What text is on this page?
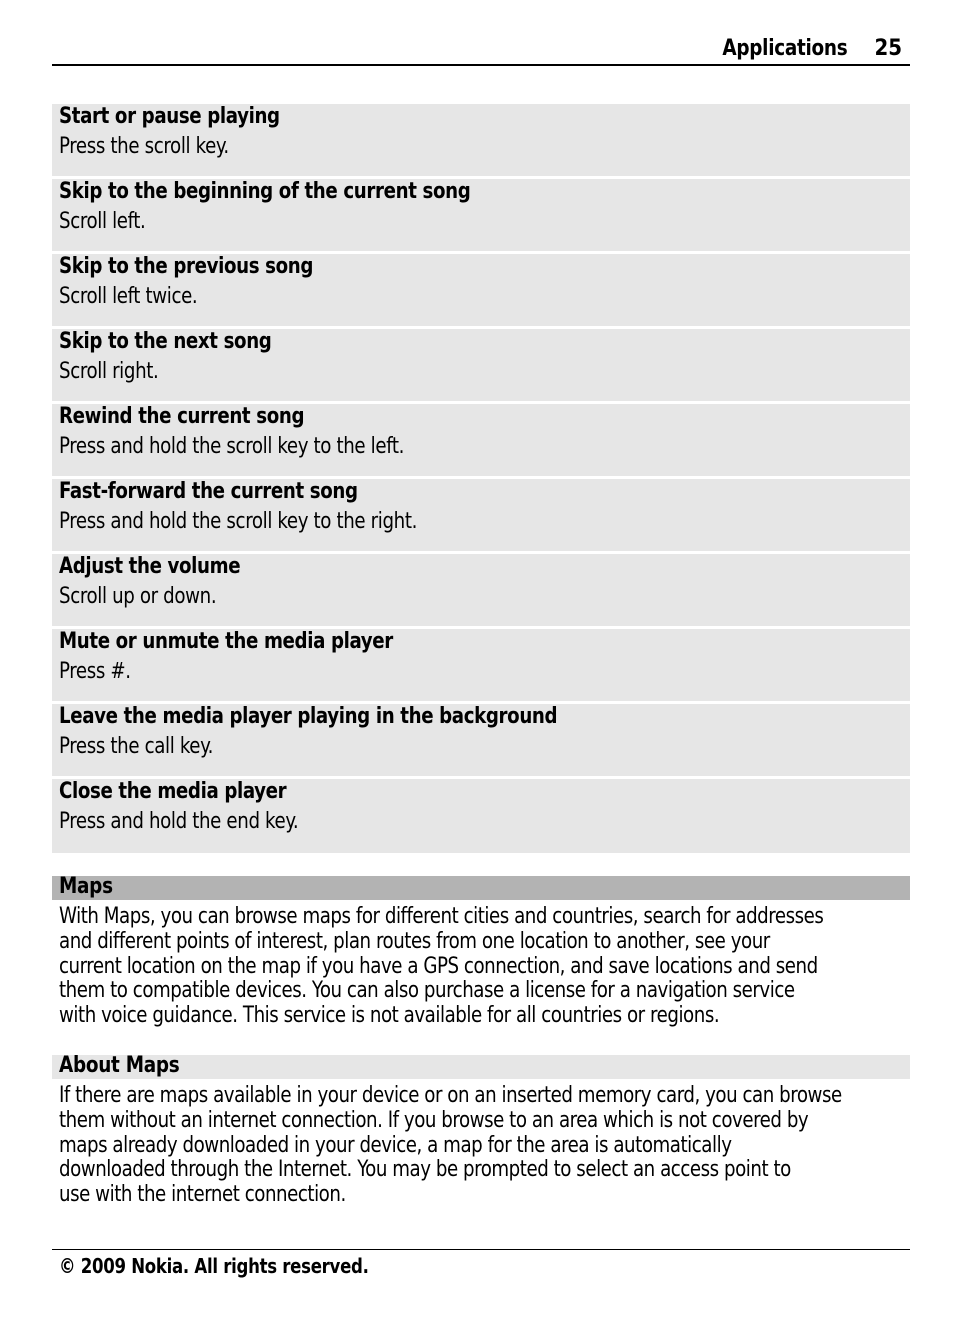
Applications 25
Start or pause playing
Press the scroll key.
Skip to the beginning of the current song
Scroll left.
Skip to the previous song
Scroll left twice.
Skip to the next song
Scroll right.
Rewind the current song
Press and hold the scroll key to the left.
Fast-forward the current song
Press and hold the scroll key to the right.
Adjust the volume
Scroll up or down.
Mute or unmute the media player
Press #.
Leave the media player playing in the background
Press the call key.
Close the media player
Press and hold the end key.
Maps

With Maps, you can browse maps for different cities and countries, search for addresses
and different points of interest, plan routes from one location to another, see your
current location on the map if you have a GPS connection, and save locations and send
them to compatible devices. You can also purchase a license for a navigation service
with voice guidance. This service is not available for all countries or regions.

About Maps

If there are maps available in your device or on an inserted memory card, you can browse
them without an internet connection. If you browse to an area which is not covered by
maps already downloaded in your device, a map for the area is automatically
downloaded through the Internet. You may be prompted to select an access point to
use with the internet connection.

© 2009 Nokia. All rights reserved.
